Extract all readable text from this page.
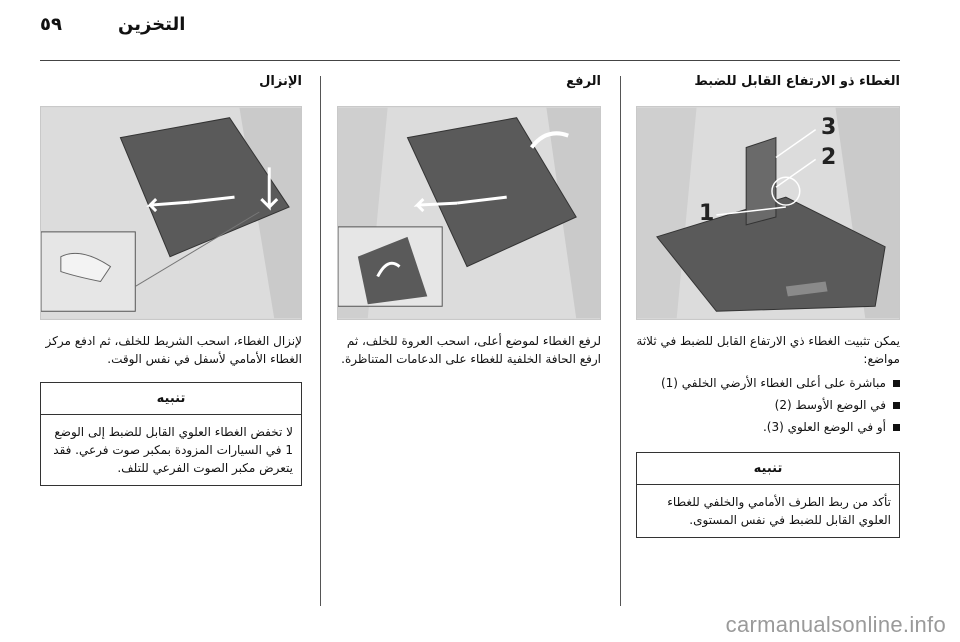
٥٩	التخزين
الغطاء ذو الارتفاع القابل للضبط
3
2
1
يمكن تثبيت الغطاء ذي الارتفاع القابل للضبط في ثلاثة مواضع:
مباشرة على أعلى الغطاء الأرضي الخلفي (1)
في الوضع الأوسط (2)
أو في الوضع العلوي (3).
تنبيه
تأكد من ربط الطرف الأمامي والخلفي للغطاء العلوي القابل للضبط في نفس المستوى.
الرفع
لرفع الغطاء لموضع أعلى، اسحب العروة للخلف، ثم ارفع الحافة الخلفية للغطاء على الدعامات المتناظرة.
الإنزال
لإنزال الغطاء، اسحب الشريط للخلف، ثم ادفع مركز الغطاء الأمامي لأسفل في نفس الوقت.
تنبيه
لا تخفض الغطاء العلوي القابل للضبط إلى الوضع 1 في السيارات المزودة بمكبر صوت فرعي. فقد يتعرض مكبر الصوت الفرعي للتلف.
carmanualsonline.info
